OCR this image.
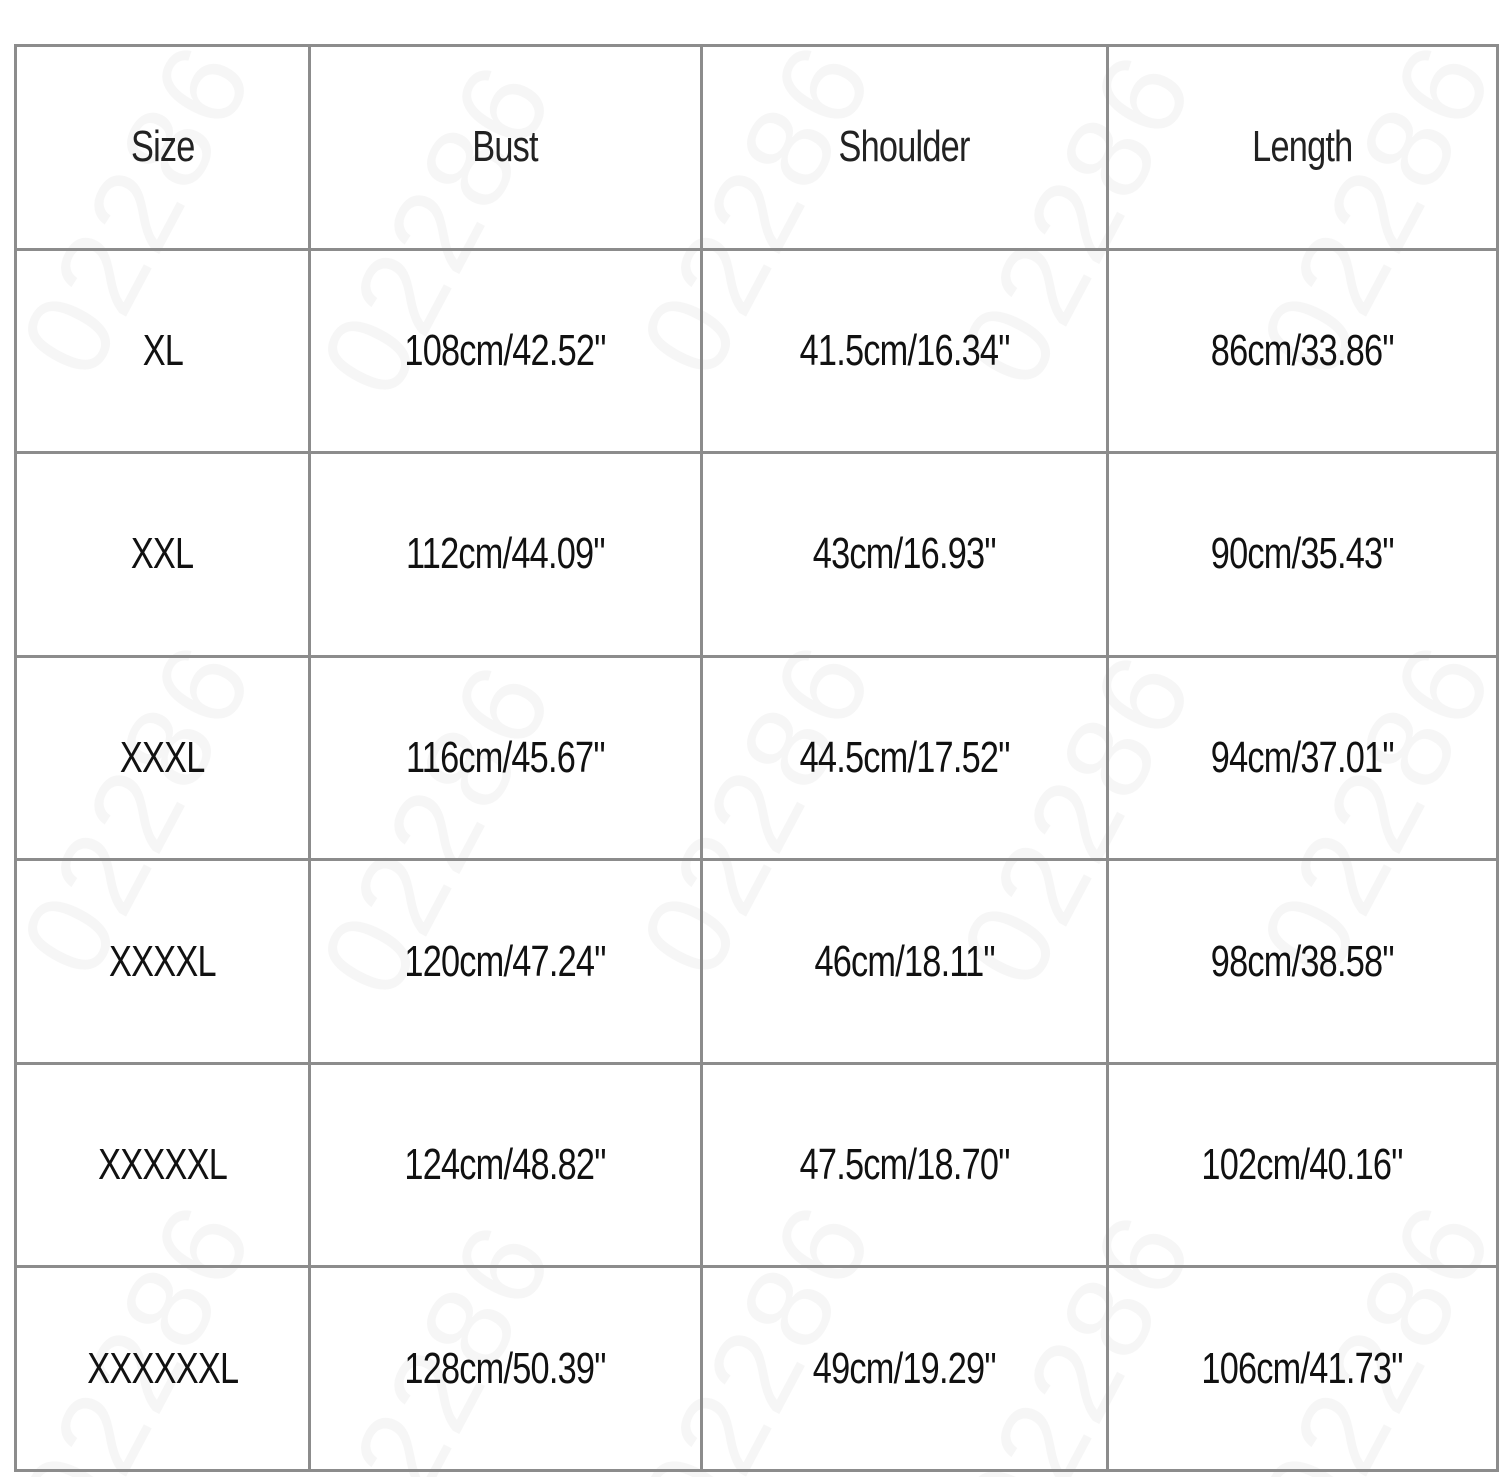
Size	Bust	Shoulder	Length
XL	108cm/42.52"	41.5cm/16.34"	86cm/33.86"
XXL	112cm/44.09"	43cm/16.93"	90cm/35.43"
XXXL	116cm/45.67"	44.5cm/17.52"	94cm/37.01"
XXXXL	120cm/47.24"	46cm/18.11"	98cm/38.58"
XXXXXL	124cm/48.82"	47.5cm/18.70"	102cm/40.16"
XXXXXXL	128cm/50.39"	49cm/19.29"	106cm/41.73"
